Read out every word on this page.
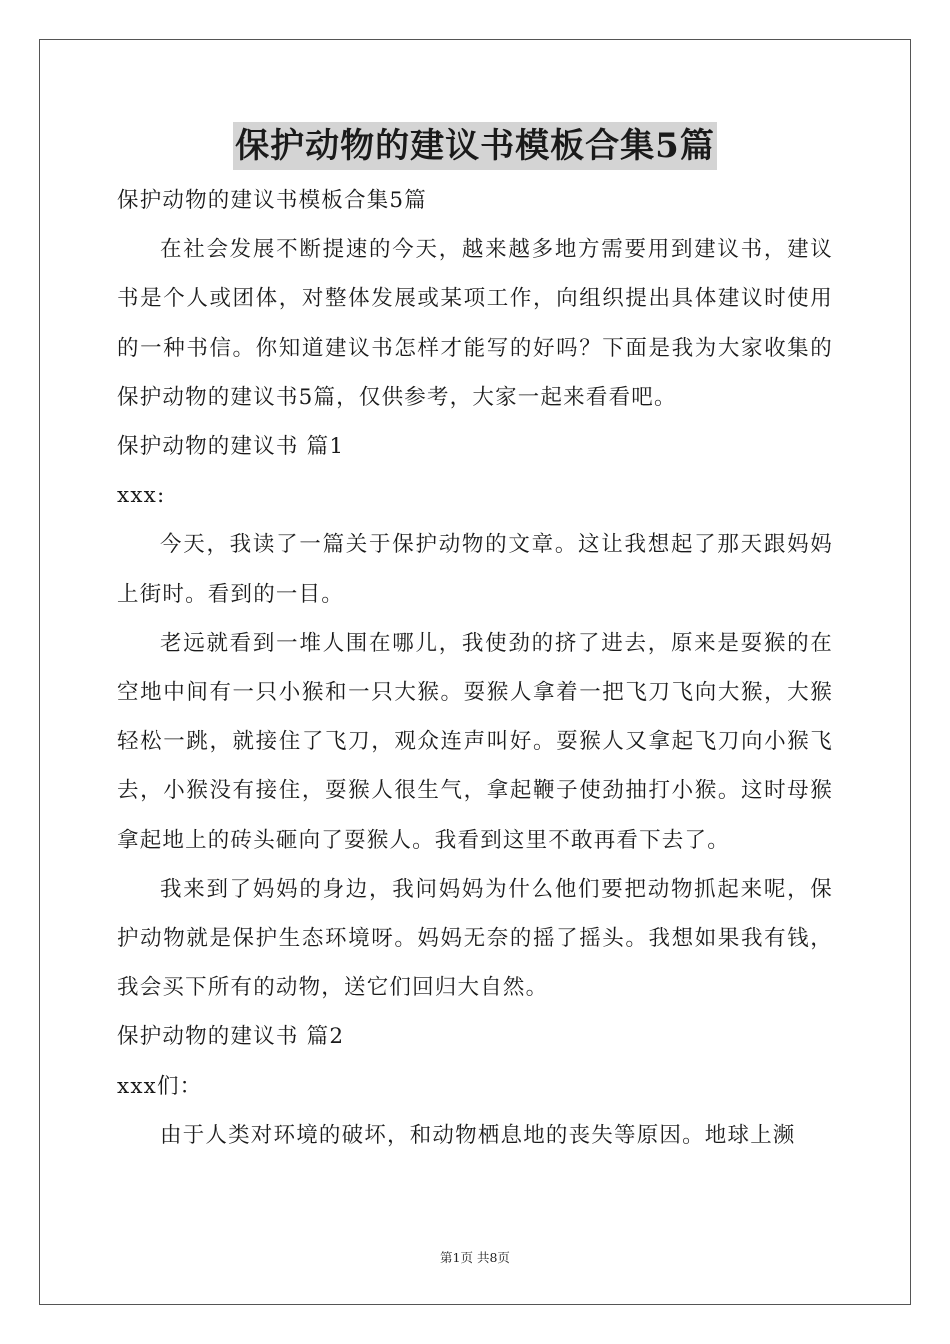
保护动物的建议书模板合集5篇
保护动物的建议书模板合集5篇

在社会发展不断提速的今天，越来越多地方需要用到建议书，建议书是个人或团体，对整体发展或某项工作，向组织提出具体建议时使用的一种书信。你知道建议书怎样才能写的好吗？下面是我为大家收集的保护动物的建议书5篇，仅供参考，大家一起来看看吧。

保护动物的建议书 篇1
xxx:

今天，我读了一篇关于保护动物的文章。这让我想起了那天跟妈妈上街时。看到的一目。

老远就看到一堆人围在哪儿，我使劲的挤了进去，原来是耍猴的在空地中间有一只小猴和一只大猴。耍猴人拿着一把飞刀飞向大猴，大猴轻松一跳，就接住了飞刀，观众连声叫好。耍猴人又拿起飞刀向小猴飞去，小猴没有接住，耍猴人很生气，拿起鞭子使劲抽打小猴。这时母猴拿起地上的砖头砸向了耍猴人。我看到这里不敢再看下去了。

我来到了妈妈的身边，我问妈妈为什么他们要把动物抓起来呢，保护动物就是保护生态环境呀。妈妈无奈的摇了摇头。我想如果我有钱，我会买下所有的动物，送它们回归大自然。

保护动物的建议书 篇2
xxx们：

由于人类对环境的破坏，和动物栖息地的丧失等原因。地球上濒

第1页 共8页
